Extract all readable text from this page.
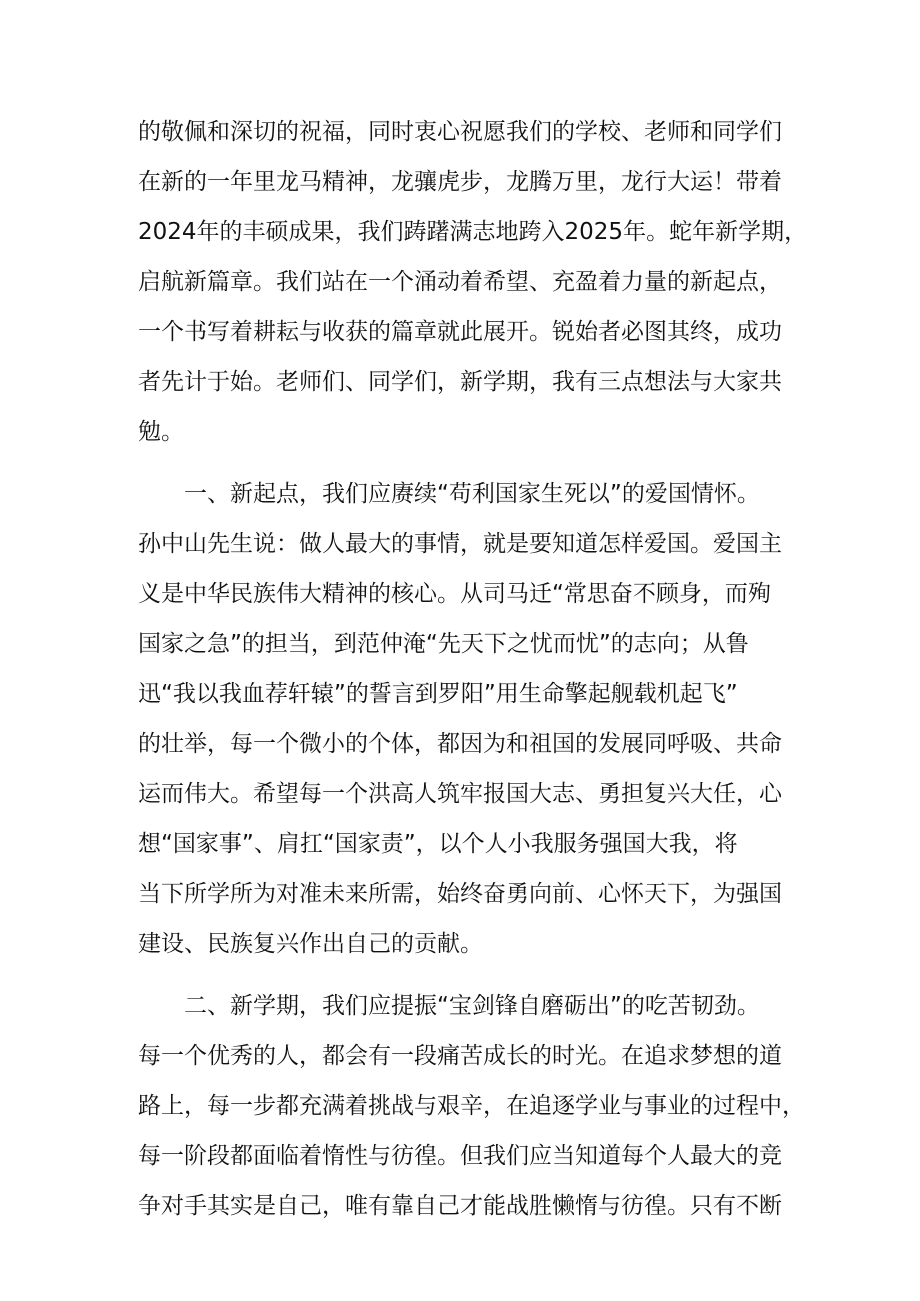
的敬佩和深切的祝福，同时衷心祝愿我们的学校、老师和同学们
在新的一年里龙马精神，龙骧虎步，龙腾万里，龙行大运！带着
2024年的丰硕成果，我们踌躇满志地跨入2025年。蛇年新学期，
启航新篇章。我们站在一个涌动着希望、充盈着力量的新起点，
一个书写着耕耘与收获的篇章就此展开。锐始者必图其终，成功
者先计于始。老师们、同学们，新学期，我有三点想法与大家共
勉。
一、新起点，我们应赓续“苟利国家生死以”的爱国情怀。
孙中山先生说：做人最大的事情，就是要知道怎样爱国。爱国主
义是中华民族伟大精神的核心。从司马迁“常思奋不顾身，而殉
国家之急”的担当，到范仲淹“先天下之忧而忧”的志向；从鲁
迅“我以我血荐轩辕”的誓言到罗阳”用生命擎起舰载机起飞”
的壮举，每一个微小的个体，都因为和祖国的发展同呼吸、共命
运而伟大。希望每一个洪高人筑牢报国大志、勇担复兴大任，心
想“国家事”、肩扛“国家责”，以个人小我服务强国大我，将
当下所学所为对准未来所需，始终奋勇向前、心怀天下，为强国
建设、民族复兴作出自己的贡献。
二、新学期，我们应提振“宝剑锋自磨砺出”的吃苦韧劲。
每一个优秀的人，都会有一段痛苦成长的时光。在追求梦想的道
路上，每一步都充满着挑战与艰辛，在追逐学业与事业的过程中，
每一阶段都面临着惰性与彷徨。但我们应当知道每个人最大的竞
争对手其实是自己，唯有靠自己才能战胜懒惰与彷徨。只有不断
